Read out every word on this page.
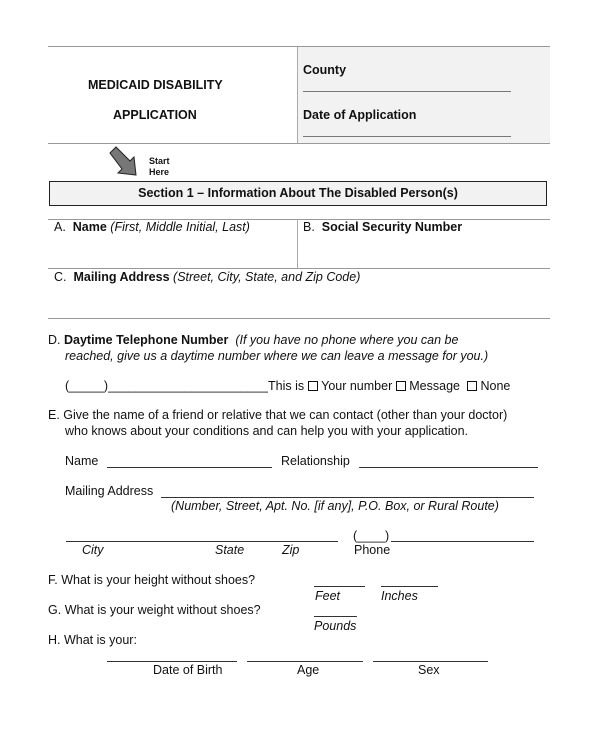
MEDICAID DISABILITY
APPLICATION
County
Date of Application
Start
Here
Section 1 – Information About The Disabled Person(s)
A. Name (First, Middle Initial, Last)	B. Social Security Number
C. Mailing Address (Street, City, State, and Zip Code)
D. Daytime Telephone Number (If you have no phone where you can be
reached, give us a daytime number where we can leave a message for you.)
(_____)_______________________ This is Your number Message None
E. Give the name of a friend or relative that we can contact (other than your doctor)
who knows about your conditions and can help you with your application.
Name	Relationship
Mailing Address
(Number, Street, Apt. No. [if any], P.O. Box, or Rural Route)
City	State	Zip
(____)
Phone
F. What is your height without shoes?
Feet	Inches
G. What is your weight without shoes?
Pounds
H. What is your:
Date of Birth	Age	Sex
